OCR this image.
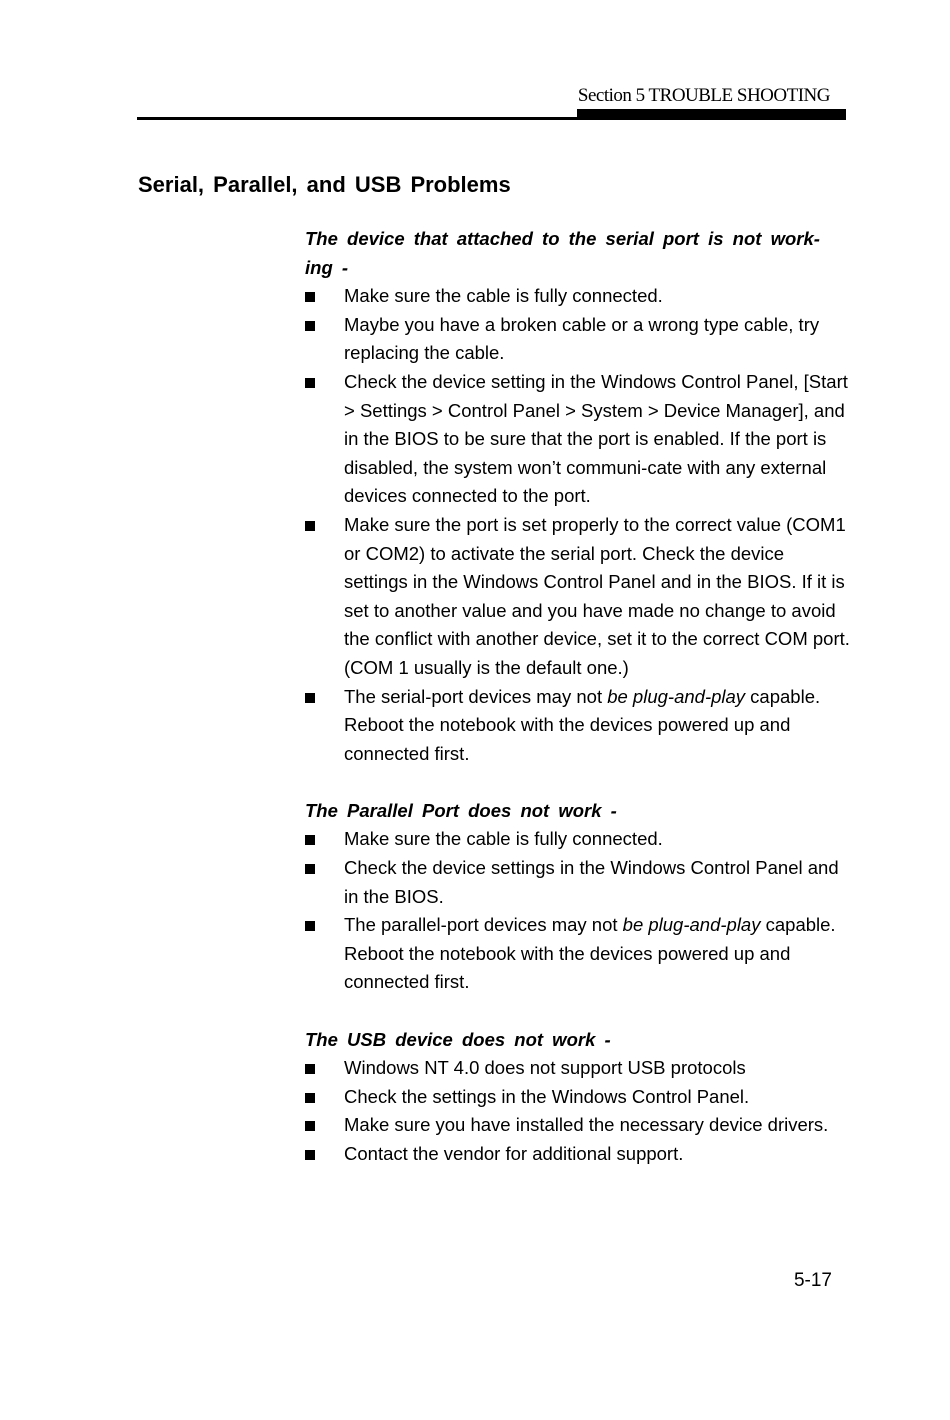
Section 5 TROUBLE SHOOTING
Serial, Parallel, and USB Problems

The device that attached to the serial port is not work-
ing -

Make sure the cable is fully connected.
Maybe you have a broken cable or a wrong type cable, try replacing the cable.
Check the device setting in the Windows Control Panel, [Start > Settings > Control Panel > System > Device Manager], and in the BIOS to be sure that the port is enabled. If the port is disabled, the system won’t communi-cate with any external devices connected to the port.
Make sure the port is set properly to the correct value (COM1 or COM2) to activate the serial port. Check the device settings in the Windows Control Panel and in the BIOS. If it is set to another value and you have made no change to avoid the conflict with another device, set it to the correct COM port. (COM 1 usually is the default one.)
The serial-port devices may not be plug-and-play capable. Reboot the notebook with the devices powered up and connected first.

The Parallel Port does not work -

Make sure the cable is fully connected.
Check the device settings in the Windows Control Panel and in the BIOS.
The parallel-port devices may not be plug-and-play capable. Reboot the notebook with the devices powered up and connected first.

The USB device does not work -

Windows NT 4.0 does not support USB protocols
Check the settings in the Windows Control Panel.
Make sure you have installed the necessary device drivers.
Contact the vendor for additional support.
5-17
